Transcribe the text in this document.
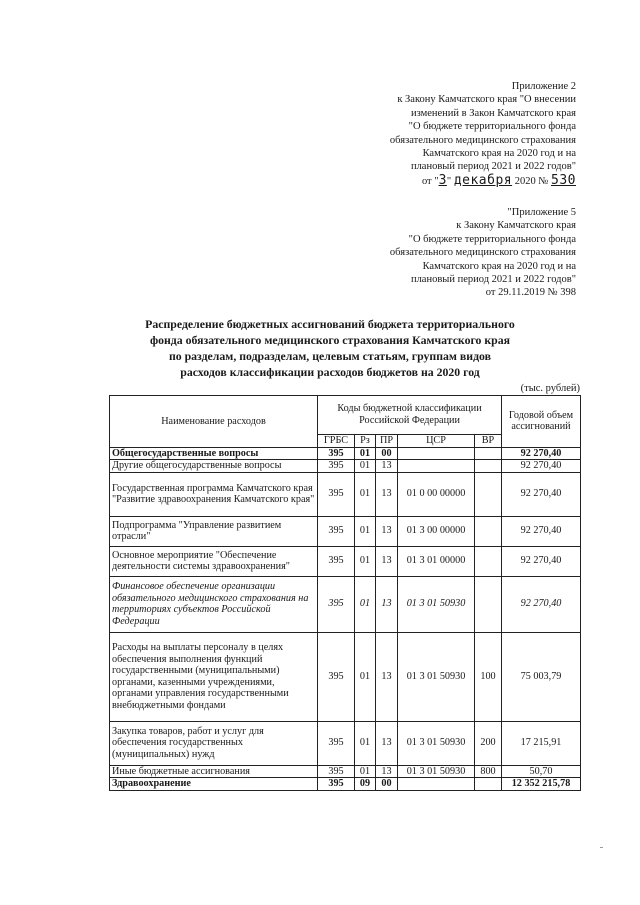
Приложение 2
к Закону Камчатского края "О внесении
изменений в Закон Камчатского края
"О бюджете территориального фонда
обязательного медицинского страхования
Камчатского края на 2020 год и на
плановый период 2021 и 2022 годов"
от "3" декабря 2020 № 530
"Приложение 5
к Закону Камчатского края
"О бюджете территориального фонда
обязательного медицинского страхования
Камчатского края на 2020 год и на
плановый период 2021 и 2022 годов"
от 29.11.2019 № 398
Распределение бюджетных ассигнований бюджета территориального
фонда обязательного медицинского страхования Камчатского края
по разделам, подразделам, целевым статьям, группам видов
расходов классификации расходов бюджетов на 2020 год
(тыс. рублей)
Наименование расходов	Коды бюджетной классификации Российской Федерации					Годовой объем ассигнований
	ГРБС	Рз	ПР	ЦСР	ВР	
Общегосударственные вопросы	395	01	00			92 270,40
Другие общегосударственные вопросы	395	01	13			92 270,40
Государственная программа Камчатского края "Развитие здравоохранения Камчатского края"	395	01	13	01 0 00 00000		92 270,40
Подпрограмма "Управление развитием отрасли"	395	01	13	01 3 00 00000		92 270,40
Основное мероприятие "Обеспечение деятельности системы здравоохранения"	395	01	13	01 3 01 00000		92 270,40
Финансовое обеспечение организации обязательного медицинского страхования на территориях субъектов Российской Федерации	395	01	13	01 3 01 50930		92 270,40
Расходы на выплаты персоналу в целях обеспечения выполнения функций государственными (муниципальными) органами, казенными учреждениями, органами управления государственными внебюджетными фондами	395	01	13	01 3 01 50930	100	75 003,79
Закупка товаров, работ и услуг для обеспечения государственных (муниципальных) нужд	395	01	13	01 3 01 50930	200	17 215,91
Иные бюджетные ассигнования	395	01	13	01 3 01 50930	800	50,70
Здравоохранение	395	09	00			12 352 215,78
